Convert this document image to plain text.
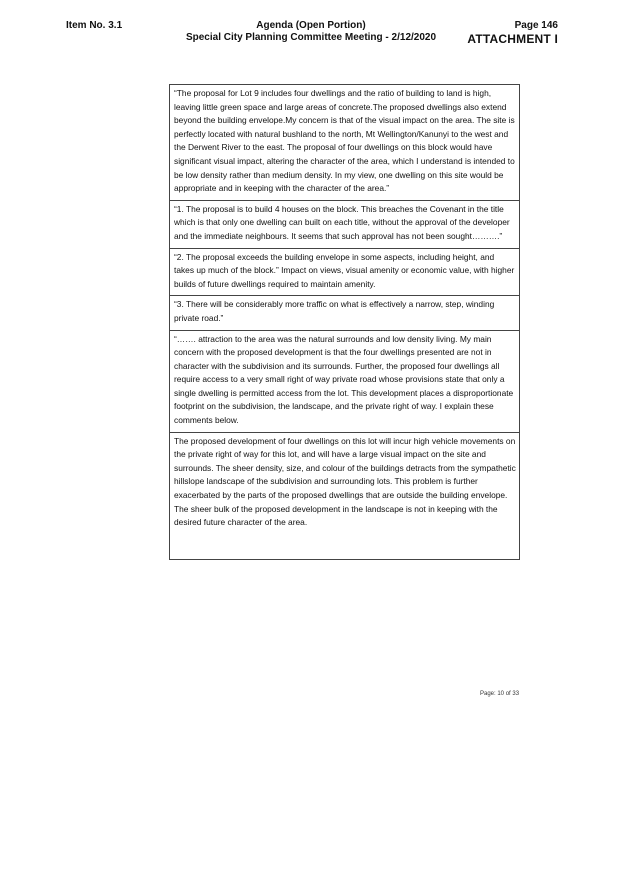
Item No. 3.1	Agenda (Open Portion)
Special City Planning Committee Meeting - 2/12/2020
Page 146
ATTACHMENT I
“The proposal for Lot 9 includes four dwellings and the ratio of building to land is high, leaving little green space and large areas of concrete.The proposed dwellings also extend beyond the building envelope.My concern is that of the visual impact on the area. The site is perfectly located with natural bushland to the north, Mt Wellington/Kanunyi to the west and the Derwent River to the east. The proposal of four dwellings on this block would have significant visual impact, altering the character of the area, which I understand is intended to be low density rather than medium density. In my view, one dwelling on this site would be appropriate and in keeping with the character of the area.”
“1. The proposal is to build 4 houses on the block. This breaches the Covenant in the title which is that only one dwelling can built on each title, without the approval of the developer and the immediate neighbours. It seems that such approval has not been sought……….”
“2. The proposal exceeds the building envelope in some aspects, including height, and takes up much of the block.” Impact on views, visual amenity or economic value, with higher builds of future dwellings required to maintain amenity.
“3. There will be considerably more traffic on what is effectively a narrow, step, winding private road.”
“……. attraction to the area was the natural surrounds and low density living. My main concern with the proposed development is that the four dwellings presented are not in character with the subdivision and its surrounds. Further, the proposed four dwellings all require access to a very small right of way private road whose provisions state that only a single dwelling is permitted access from the lot. This development places a disproportionate footprint on the subdivision, the landscape, and the private right of way. I explain these comments below.
The proposed development of four dwellings on this lot will incur high vehicle movements on the private right of way for this lot, and will have a large visual impact on the site and surrounds. The sheer density, size, and colour of the buildings detracts from the sympathetic hillslope landscape of the subdivision and surrounding lots. This problem is further exacerbated by the parts of the proposed dwellings that are outside the building envelope. The sheer bulk of the proposed development in the landscape is not in keeping with the desired future character of the area.
Page: 10 of 33
